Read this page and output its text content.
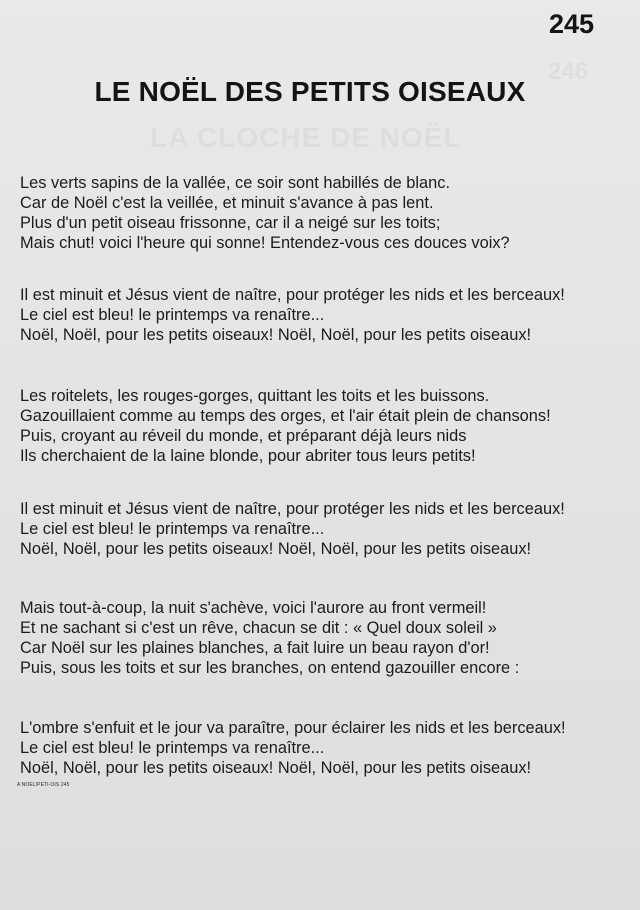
245
LE NOËL DES PETITS OISEAUX
Les verts sapins de la vallée, ce soir sont habillés de blanc.
Car de Noël c'est la veillée, et minuit s'avance à pas lent.
Plus d'un petit oiseau frissonne, car il a neigé sur les toits;
Mais chut! voici l'heure qui sonne! Entendez-vous ces douces voix?
Il est minuit et Jésus vient de naître, pour protéger les nids et les berceaux!
Le ciel est bleu! le printemps va renaître...
Noël, Noël, pour les petits oiseaux! Noël, Noël, pour les petits oiseaux!
Les roitelets, les rouges-gorges, quittant les toits et les buissons.
Gazouillaient comme au temps des orges, et l'air était plein de chansons!
Puis, croyant au réveil du monde, et préparant déjà leurs nids
Ils cherchaient de la laine blonde, pour abriter tous leurs petits!
Il est minuit et Jésus vient de naître, pour protéger les nids et les berceaux!
Le ciel est bleu! le printemps va renaître...
Noël, Noël, pour les petits oiseaux! Noël, Noël, pour les petits oiseaux!
Mais tout-à-coup, la nuit s'achève, voici l'aurore au front vermeil!
Et ne sachant si c'est un rêve, chacun se dit : « Quel doux soleil »
Car Noël sur les plaines blanches, a fait luire un beau rayon d'or!
Puis, sous les toits et sur les branches, on entend gazouiller encore :
L'ombre s'enfuit et le jour va paraître, pour éclairer les nids et les berceaux!
Le ciel est bleu! le printemps va renaître...
Noël, Noël, pour les petits oiseaux! Noël, Noël, pour les petits oiseaux!
A NOEL/PETI-OIS 245
